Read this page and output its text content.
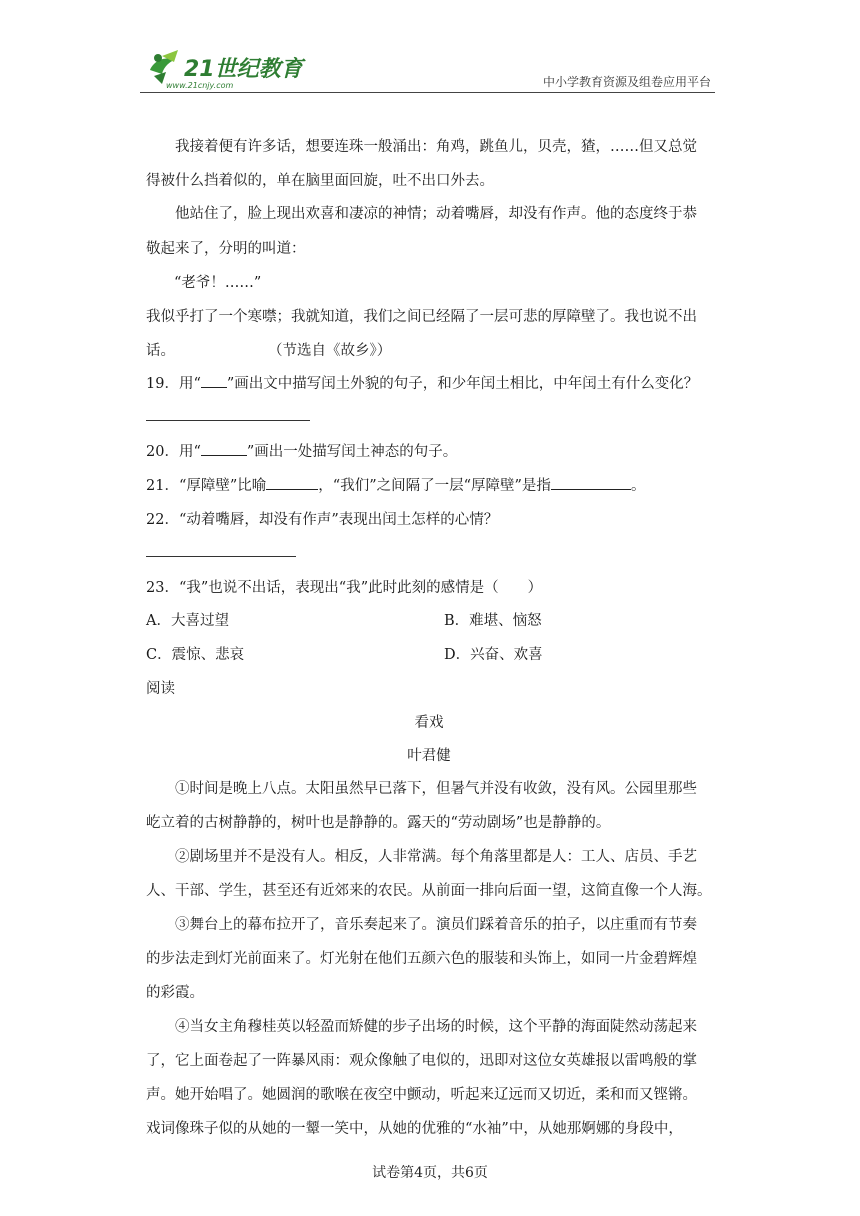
21世纪教育
www.21cnjy.com	中小学教育资源及组卷应用平台
我接着便有许多话，想要连珠一般涌出：角鸡，跳鱼儿，贝壳，猹，……但又总觉
得被什么挡着似的，单在脑里面回旋，吐不出口外去。
他站住了，脸上现出欢喜和凄凉的神情；动着嘴唇，却没有作声。他的态度终于恭
敬起来了，分明的叫道：
“老爷！……”
我似乎打了一个寒噤；我就知道，我们之间已经隔了一层可悲的厚障壁了。我也说不出
话。	（节选自《故乡》）
19．用“ ”画出文中描写闰土外貌的句子，和少年闰土相比，中年闰土有什么变化？
20．用“	”画出一处描写闰土神态的句子。
21．“厚障壁”比喻	，“我们”之间隔了一层“厚障壁”是指	。
22．“动着嘴唇，却没有作声”表现出闰土怎样的心情？
23．“我”也说不出话，表现出“我”此时此刻的感情是（　　）
A．大喜过望	B．难堪、恼怒
C．震惊、悲哀	D．兴奋、欢喜
阅读
看戏
叶君健
①时间是晚上八点。太阳虽然早已落下，但暑气并没有收敛，没有风。公园里那些
屹立着的古树静静的，树叶也是静静的。露天的“劳动剧场”也是静静的。
②剧场里并不是没有人。相反，人非常满。每个角落里都是人：工人、店员、手艺
人、干部、学生，甚至还有近郊来的农民。从前面一排向后面一望，这简直像一个人海。
③舞台上的幕布拉开了，音乐奏起来了。演员们踩着音乐的拍子，以庄重而有节奏
的步法走到灯光前面来了。灯光射在他们五颜六色的服装和头饰上，如同一片金碧辉煌
的彩霞。
④当女主角穆桂英以轻盈而矫健的步子出场的时候，这个平静的海面陡然动荡起来
了，它上面卷起了一阵暴风雨：观众像触了电似的，迅即对这位女英雄报以雷鸣般的掌
声。她开始唱了。她圆润的歌喉在夜空中颤动，听起来辽远而又切近，柔和而又铿锵。
戏词像珠子似的从她的一颦一笑中，从她的优雅的“水袖”中，从她那婀娜的身段中，
试卷第4页，共6页
